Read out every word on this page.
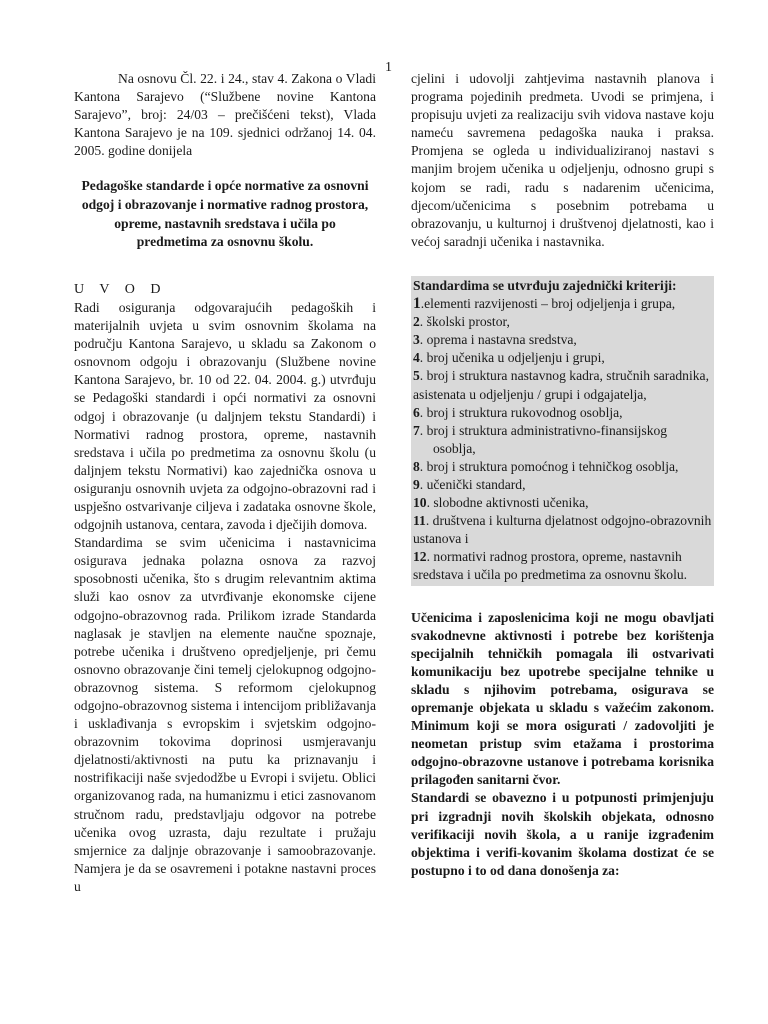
1

Na osnovu Čl. 22. i 24., stav 4. Zakona o Vladi Kantona Sarajevo (“Službene novine Kantona Sarajevo”, broj: 24/03 – prečišćeni tekst), Vlada Kantona Sarajevo je na 109. sjednici održanoj 14. 04. 2005. godine donijela

Pedagoške standarde i opće normative za osnovni odgoj i obrazovanje i normative radnog prostora, opreme, nastavnih sredstava i učila po predmetima za osnovnu školu.

U V O D

Radi osiguranja odgovarajućih pedagoških i materijalnih uvjeta u svim osnovnim školama na području Kantona Sarajevo, u skladu sa Zakonom o osnovnom odgoju i obrazovanju (Službene novine Kantona Sarajevo, br. 10 od 22. 04. 2004. g.) utvrđuju se Pedagoški standardi i opći normativi za osnovni odgoj i obrazovanje (u daljnjem tekstu Standardi) i Normativi radnog prostora, opreme, nastavnih sredstava i učila po predmetima za osnovnu školu (u daljnjem tekstu Normativi) kao zajednička osnova u osiguranju osnovnih uvjeta za odgojno-obrazovni rad i uspješno ostvarivanje ciljeva i zadataka osnovne škole, odgojnih ustanova, centara, zavoda i dječijih domova.

Standardima se svim učenicima i nastavnicima osigurava jednaka polazna osnova za razvoj sposobnosti učenika, što s drugim relevantnim aktima služi kao osnov za utvrđivanje ekonomske cijene odgojno-obrazovnog rada. Prilikom izrade Standarda naglasak je stavljen na elemente naučne spoznaje, potrebe učenika i društveno opredjeljenje, pri čemu osnovno obrazovanje čini temelj cjelokupnog odgojno-obrazovnog sistema. S reformom cjelokupnog odgojno-obrazovnog sistema i intencijom približavanja i usklađivanja s evropskim i svjetskim odgojno-obrazovnim tokovima doprinosi usmjeravanju djelatnosti/aktivnosti na putu ka priznavanju i nostrifikaciji naše svjedodžbe u Evropi i svijetu. Oblici organizovanog rada, na humanizmu i etici zasnovanom stručnom radu, predstavljaju odgovor na potrebe učenika ovog uzrasta, daju rezultate i pružaju smjernice za daljnje obrazovanje i samoobrazovanje. Namjera je da se osavremeni i potakne nastavni proces u

cjelini i udovolji zahtjevima nastavnih planova i programa pojedinih predmeta. Uvodi se primjena, i propisuju uvjeti za realizaciju svih vidova nastave koju nameću savremena pedagoška nauka i praksa. Promjena se ogleda u individualiziranoj nastavi s manjim brojem učenika u odjeljenju, odnosno grupi s kojom se radi, radu s nadarenim učenicima, djecom/učenicima s posebnim potrebama u obrazovanju, u kulturnoj i društvenoj djelatnosti, kao i većoj saradnji učenika i nastavnika.

Standardima se utvrđuju zajednički kriteriji:
1.elementi razvijenosti – broj odjeljenja i grupa,
2. školski prostor,
3. oprema i nastavna sredstva,
4. broj učenika u odjeljenju i grupi,
5. broj i struktura nastavnog kadra, stručnih saradnika, asistenata u odjeljenju / grupi i odgajatelja,
6. broj i struktura rukovodnog osoblja,
7. broj i struktura administrativno-finansijskog
osoblja,
8. broj i struktura pomoćnog i tehničkog osoblja,
9. učenički standard,
10. slobodne aktivnosti učenika,
11. društvena i kulturna djelatnost odgojno-obrazovnih ustanova i
12. normativi radnog prostora, opreme, nastavnih sredstava i učila po predmetima za osnovnu školu.

Učenicima i zaposlenicima koji ne mogu obavljati svakodnevne aktivnosti i potrebe bez korištenja specijalnih tehničkih pomagala ili ostvarivati komunikaciju bez upotrebe specijalne tehnike u skladu s njihovim potrebama, osigurava se opremanje objekata u skladu s važećim zakonom. Minimum koji se mora osigurati / zadovoljiti je neometan pristup svim etažama i prostorima odgojno-obrazovne ustanove i potrebama korisnika prilagođen sanitarni čvor.

Standardi se obavezno i u potpunosti primjenjuju pri izgradnji novih školskih objekata, odnosno verifikaciji novih škola, a u ranije izgrađenim objektima i verifi-kovanim školama dostizat će se postupno i to od dana donošenja za:
